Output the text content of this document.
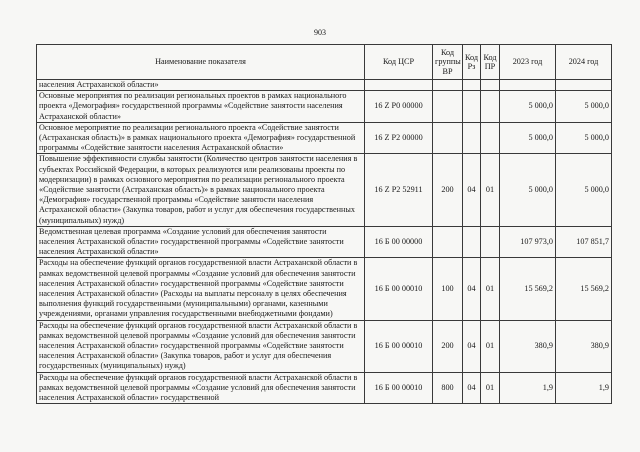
903
Наименование показателя	Код ЦСР	Код группы ВР	Код Рз	Код ПР	2023 год	2024 год
населения Астраханской области»						
Основные мероприятия по реализации региональных проектов в рамках национального проекта «Демография» государственной программы «Содействие занятости населения Астраханской области»	16 Z P0 00000				5 000,0	5 000,0
Основное мероприятие по реализации регионального проекта «Содействие занятости (Астраханская область)» в рамках национального проекта «Демография» государственной программы «Содействие занятости населения Астраханской области»	16 Z P2 00000				5 000,0	5 000,0
Повышение эффективности службы занятости (Количество центров занятости населения в субъектах Российской Федерации, в которых реализуются или реализованы проекты по модернизации) в рамках основного мероприятия по реализации регионального проекта «Содействие занятости (Астраханская область)» в рамках национального проекта «Демография» государственной программы «Содействие занятости населения Астраханской области» (Закупка товаров, работ и услуг для обеспечения государственных (муниципальных) нужд)	16 Z P2 52911	200	04	01	5 000,0	5 000,0
Ведомственная целевая программа «Создание условий для обеспечения занятости населения Астраханской области» государственной программы «Содействие занятости населения Астраханской области»	16 Б 00 00000				107 973,0	107 851,7
Расходы на обеспечение функций органов государственной власти Астраханской области в рамках ведомственной целевой программы «Создание условий для обеспечения занятости населения Астраханской области» государственной программы «Содействие занятости населения Астраханской области» (Расходы на выплаты персоналу в целях обеспечения выполнения функций государственными (муниципальными) органами, казенными учреждениями, органами управления государственными внебюджетными фондами)	16 Б 00 00010	100	04	01	15 569,2	15 569,2
Расходы на обеспечение функций органов государственной власти Астраханской области в рамках ведомственной целевой программы «Создание условий для обеспечения занятости населения Астраханской области» государственной программы «Содействие занятости населения Астраханской области» (Закупка товаров, работ и услуг для обеспечения государственных (муниципальных) нужд)	16 Б 00 00010	200	04	01	380,9	380,9
Расходы на обеспечение функций органов государственной власти Астраханской области в рамках ведомственной целевой программы «Создание условий для обеспечения занятости населения Астраханской области» государственной	16 Б 00 00010	800	04	01	1,9	1,9
